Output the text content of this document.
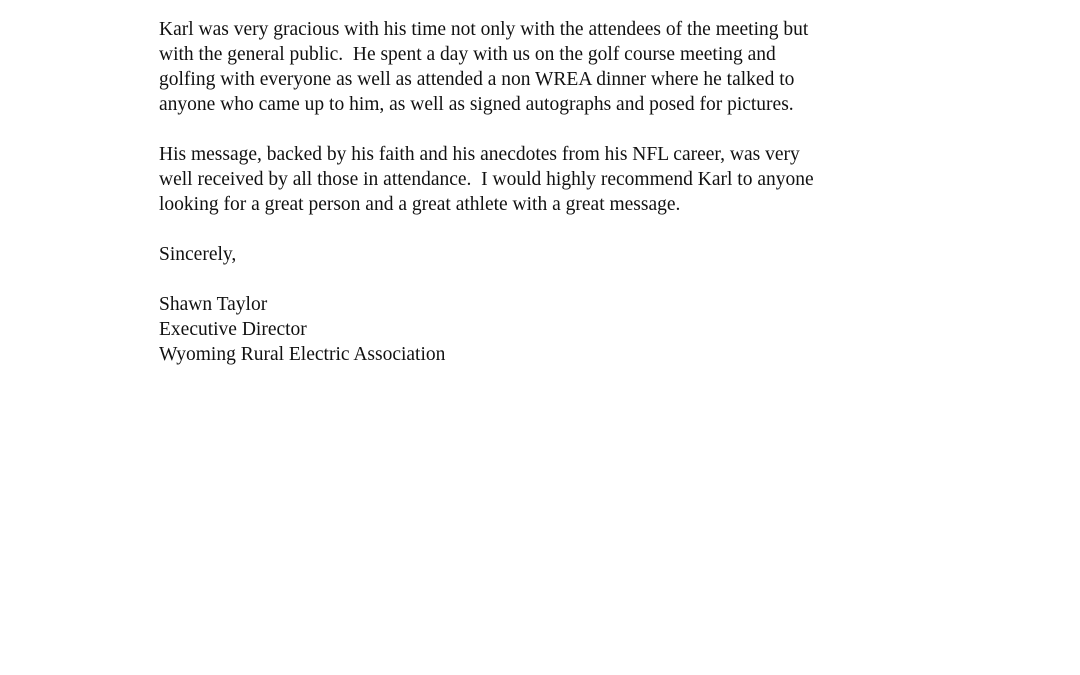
Karl was very gracious with his time not only with the attendees of the meeting but
with the general public.  He spent a day with us on the golf course meeting and
golfing with everyone as well as attended a non WREA dinner where he talked to
anyone who came up to him, as well as signed autographs and posed for pictures.
His message, backed by his faith and his anecdotes from his NFL career, was very
well received by all those in attendance.  I would highly recommend Karl to anyone
looking for a great person and a great athlete with a great message.
Sincerely,
Shawn Taylor
Executive Director
Wyoming Rural Electric Association
